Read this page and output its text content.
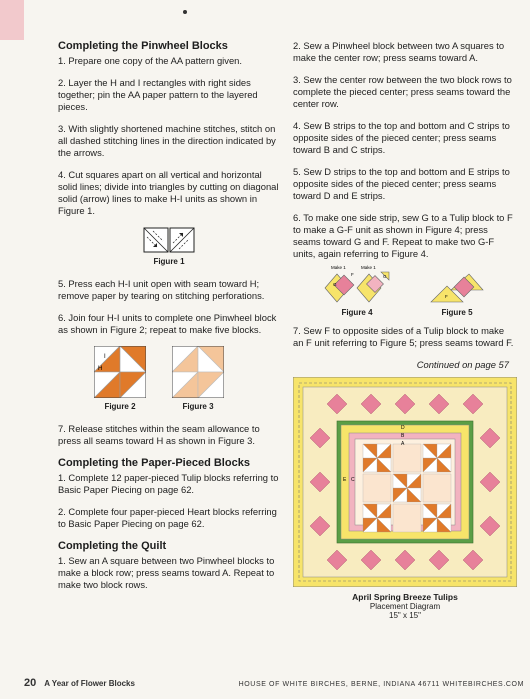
Completing the Pinwheel Blocks

1. Prepare one copy of the AA pattern given.

2. Layer the H and I rectangles with right sides together; pin the AA paper pattern to the layered pieces.

3. With slightly shortened machine stitches, stitch on all dashed stitching lines in the direction indicated by the arrows.

4. Cut squares apart on all vertical and horizontal solid lines; divide into triangles by cutting on diagonal solid (arrow) lines to make H-I units as shown in Figure 1.

Figure 1

5. Press each H-I unit open with seam toward H; remove paper by tearing on stitching perforations.

6. Join four H-I units to complete one Pinwheel block as shown in Figure 2; repeat to make five blocks.

I
H
Figure 2	Figure 3

7. Release stitches within the seam allowance to press all seams toward H as shown in Figure 3.

Completing the Paper-Pieced Blocks

1. Complete 12 paper-pieced Tulip blocks referring to Basic Paper Piecing on page 62.

2. Complete four paper-pieced Heart blocks referring to Basic Paper Piecing on page 62.

Completing the Quilt

1. Sew an A square between two Pinwheel blocks to make a block row; press seams toward A. Repeat to make two block rows.

2. Sew a Pinwheel block between two A squares to make the center row; press seams toward A.

3. Sew the center row between the two block rows to complete the pieced center; press seams toward the center row.

4. Sew B strips to the top and bottom and C strips to opposite sides of the pieced center; press seams toward B and C strips.

5. Sew D strips to the top and bottom and E strips to opposite sides of the pieced center; press seams toward D and E strips.

6. To make one side strip, sew G to a Tulip block to F to make a G-F unit as shown in Figure 4; press seams toward G and F. Repeat to make two G-F units, again referring to Figure 4.

Make 1	Make 1
G
F	G
Figure 4
F
Figure 5

7. Sew F to opposite sides of a Tulip block to make an F unit referring to Figure 5; press seams toward F.

Continued on page 57
B
A
C
E
D
April Spring Breeze Tulips
Placement Diagram
15" x 15"
20 A Year of Flower Blocks	HOUSE OF WHITE BIRCHES, BERNE, INDIANA 46711 WHITEBIRCHES.COM
